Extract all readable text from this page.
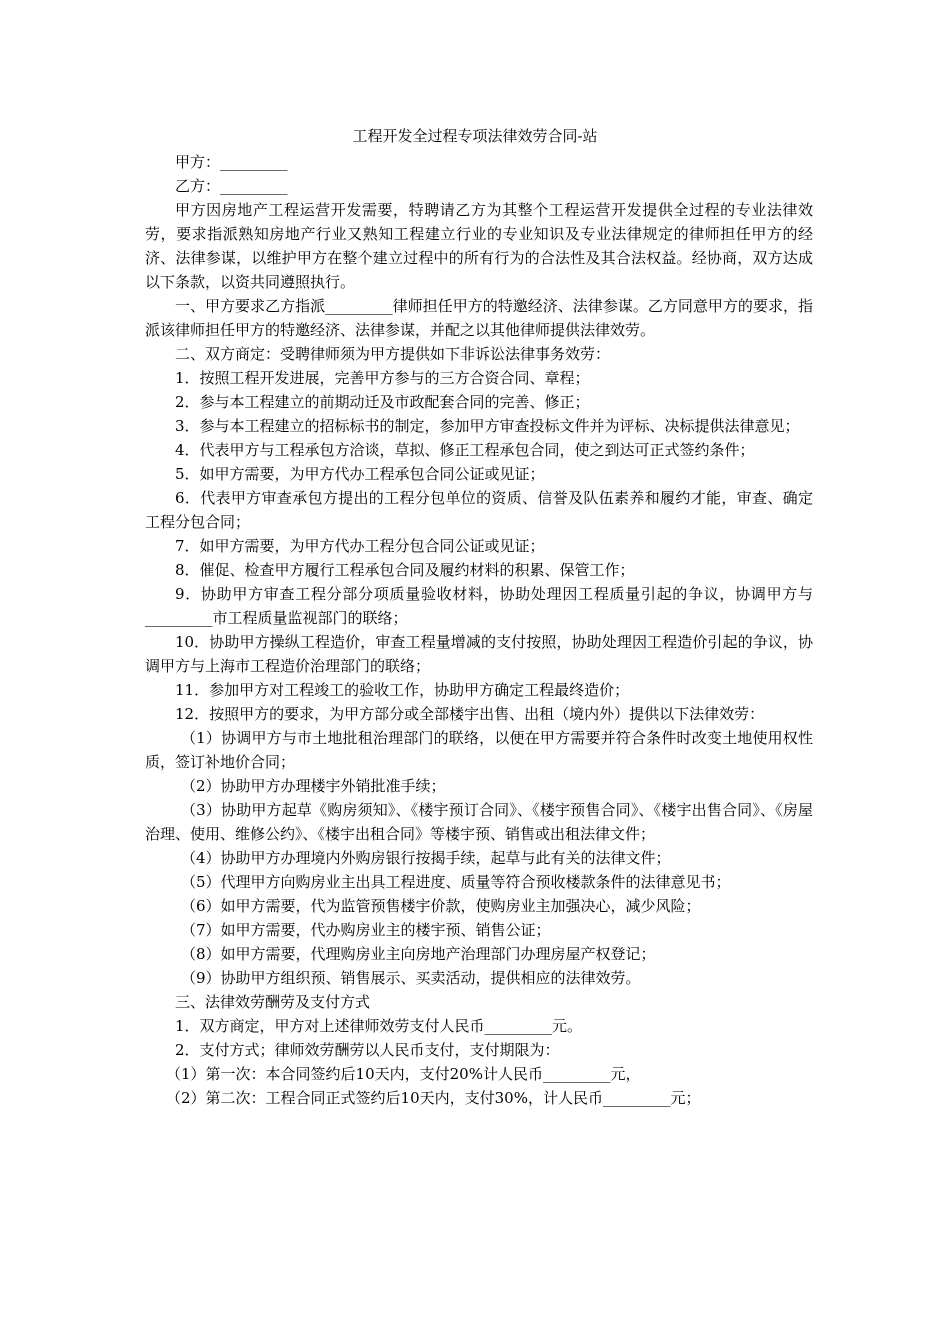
工程开发全过程专项法律效劳合同-站

甲方：_________

乙方：_________

甲方因房地产工程运营开发需要，特聘请乙方为其整个工程运营开发提供全过程的专业法律效劳，要求指派熟知房地产行业又熟知工程建立行业的专业知识及专业法律规定的律师担任甲方的经济、法律参谋，以维护甲方在整个建立过程中的所有行为的合法性及其合法权益。经协商，双方达成以下条款，以资共同遵照执行。

一、甲方要求乙方指派_________律师担任甲方的特邀经济、法律参谋。乙方同意甲方的要求，指派该律师担任甲方的特邀经济、法律参谋，并配之以其他律师提供法律效劳。

二、双方商定：受聘律师须为甲方提供如下非诉讼法律事务效劳：

1．按照工程开发进展，完善甲方参与的三方合资合同、章程；

2．参与本工程建立的前期动迁及市政配套合同的完善、修正；

3．参与本工程建立的招标标书的制定，参加甲方审查投标文件并为评标、决标提供法律意见；

4．代表甲方与工程承包方洽谈，草拟、修正工程承包合同，使之到达可正式签约条件；

5．如甲方需要，为甲方代办工程承包合同公证或见证；

6．代表甲方审查承包方提出的工程分包单位的资质、信誉及队伍素养和履约才能，审查、确定工程分包合同；

7．如甲方需要，为甲方代办工程分包合同公证或见证；

8．催促、检查甲方履行工程承包合同及履约材料的积累、保管工作；

9．协助甲方审查工程分部分项质量验收材料，协助处理因工程质量引起的争议，协调甲方与_________市工程质量监视部门的联络；

10．协助甲方操纵工程造价，审查工程量增减的支付按照，协助处理因工程造价引起的争议，协调甲方与上海市工程造价治理部门的联络；

11．参加甲方对工程竣工的验收工作，协助甲方确定工程最终造价；

12．按照甲方的要求，为甲方部分或全部楼宇出售、出租（境内外）提供以下法律效劳：

（1）协调甲方与市土地批租治理部门的联络，以便在甲方需要并符合条件时改变土地使用权性质，签订补地价合同；

（2）协助甲方办理楼宇外销批准手续；

（3）协助甲方起草《购房须知》、《楼宇预订合同》、《楼宇预售合同》、《楼宇出售合同》、《房屋治理、使用、维修公约》、《楼宇出租合同》等楼宇预、销售或出租法律文件；

（4）协助甲方办理境内外购房银行按揭手续，起草与此有关的法律文件；

（5）代理甲方向购房业主出具工程进度、质量等符合预收楼款条件的法律意见书；

（6）如甲方需要，代为监管预售楼宇价款，使购房业主加强决心，减少风险；

（7）如甲方需要，代办购房业主的楼宇预、销售公证；

（8）如甲方需要，代理购房业主向房地产治理部门办理房屋产权登记；

（9）协助甲方组织预、销售展示、买卖活动，提供相应的法律效劳。

三、法律效劳酬劳及支付方式

1．双方商定，甲方对上述律师效劳支付人民币_________元。

2．支付方式；律师效劳酬劳以人民币支付，支付期限为：

（1）第一次：本合同签约后10天内，支付20%计人民币_________元，

（2）第二次：工程合同正式签约后10天内，支付30%，计人民币_________元；
